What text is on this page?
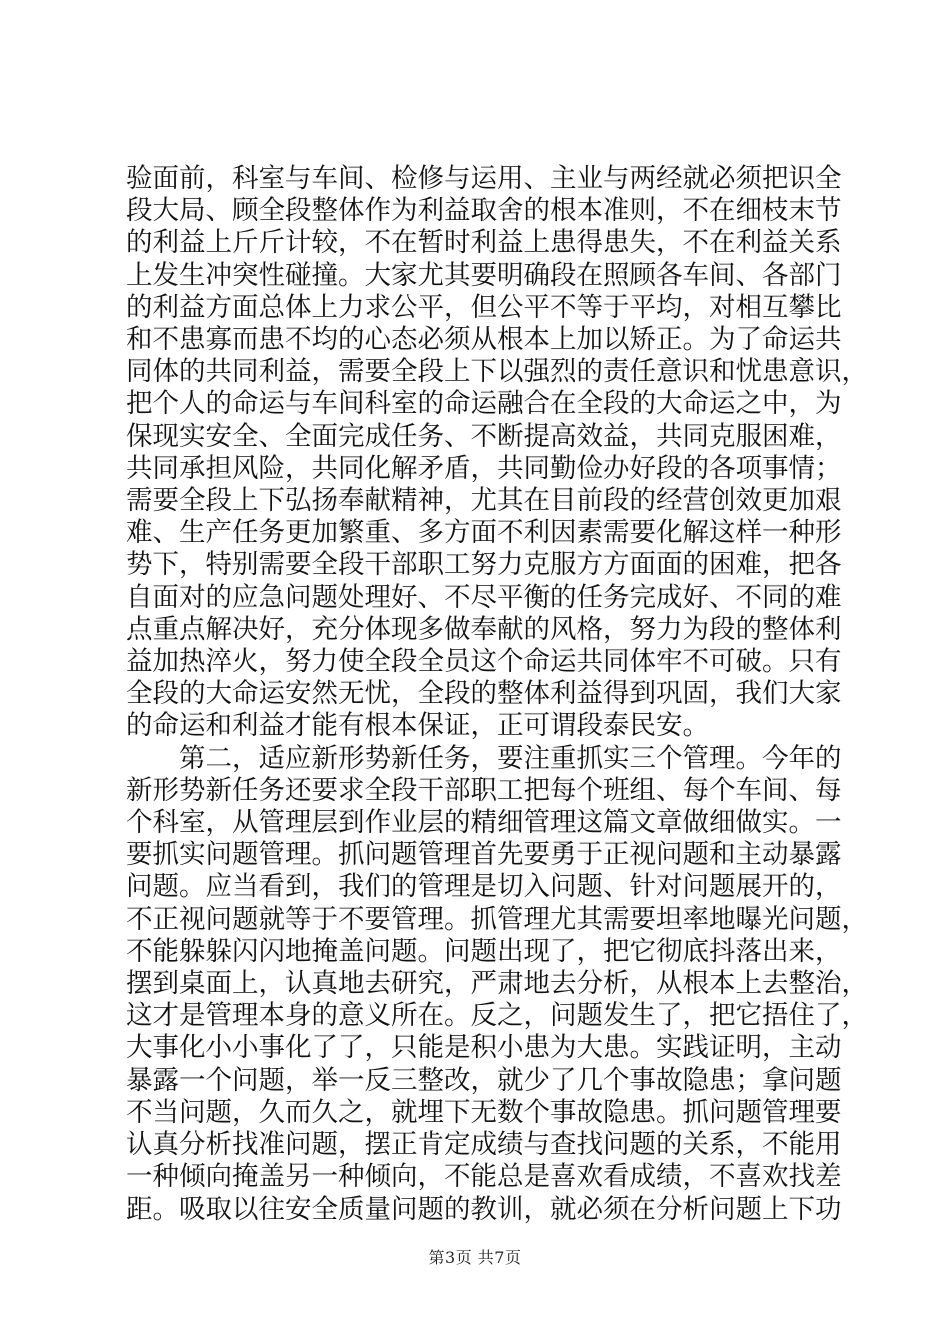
验面前，科室与车间、检修与运用、主业与两经就必须把识全
段大局、顾全段整体作为利益取舍的根本准则，不在细枝末节
的利益上斤斤计较，不在暂时利益上患得患失，不在利益关系
上发生冲突性碰撞。大家尤其要明确段在照顾各车间、各部门
的利益方面总体上力求公平，但公平不等于平均，对相互攀比
和不患寡而患不均的心态必须从根本上加以矫正。为了命运共
同体的共同利益，需要全段上下以强烈的责任意识和忧患意识，
把个人的命运与车间科室的命运融合在全段的大命运之中，为
保现实安全、全面完成任务、不断提高效益，共同克服困难，
共同承担风险，共同化解矛盾，共同勤俭办好段的各项事情；
需要全段上下弘扬奉献精神，尤其在目前段的经营创效更加艰
难、生产任务更加繁重、多方面不利因素需要化解这样一种形
势下，特别需要全段干部职工努力克服方方面面的困难，把各
自面对的应急问题处理好、不尽平衡的任务完成好、不同的难
点重点解决好，充分体现多做奉献的风格，努力为段的整体利
益加热淬火，努力使全段全员这个命运共同体牢不可破。只有
全段的大命运安然无忧，全段的整体利益得到巩固，我们大家
的命运和利益才能有根本保证，正可谓段泰民安。
　　第二，适应新形势新任务，要注重抓实三个管理。今年的
新形势新任务还要求全段干部职工把每个班组、每个车间、每
个科室，从管理层到作业层的精细管理这篇文章做细做实。一
要抓实问题管理。抓问题管理首先要勇于正视问题和主动暴露
问题。应当看到，我们的管理是切入问题、针对问题展开的，
不正视问题就等于不要管理。抓管理尤其需要坦率地曝光问题，
不能躲躲闪闪地掩盖问题。问题出现了，把它彻底抖落出来，
摆到桌面上，认真地去研究，严肃地去分析，从根本上去整治，
这才是管理本身的意义所在。反之，问题发生了，把它捂住了，
大事化小小事化了了，只能是积小患为大患。实践证明，主动
暴露一个问题，举一反三整改，就少了几个事故隐患；拿问题
不当问题，久而久之，就埋下无数个事故隐患。抓问题管理要
认真分析找准问题，摆正肯定成绩与查找问题的关系，不能用
一种倾向掩盖另一种倾向，不能总是喜欢看成绩，不喜欢找差
距。吸取以往安全质量问题的教训，就必须在分析问题上下功
第3页 共7页
